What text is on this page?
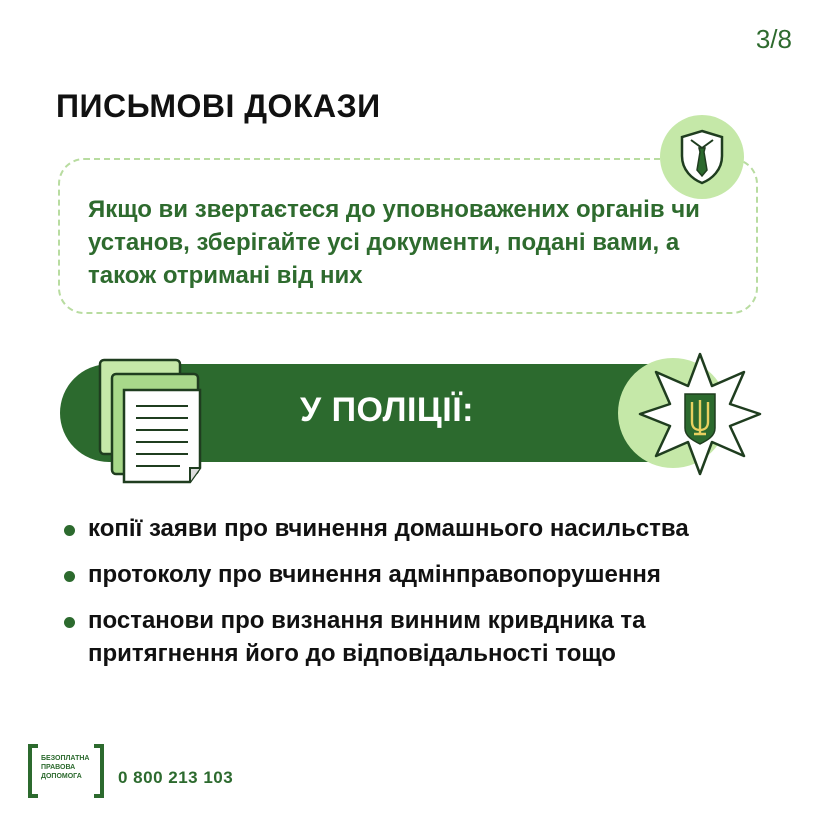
3/8
ПИСЬМОВІ ДОКАЗИ
Якщо ви звертаєтеся до уповноважених органів чи установ, зберігайте усі документи, подані вами, а також отримані від них
У ПОЛІЦІЇ:
копії заяви про вчинення домашнього насильства
протоколу про вчинення адмінправопорушення
постанови про визнання винним кривдника та притягнення його до відповідальності тощо
БЕЗОПЛАТНА
ПРАВОВА
ДОПОМОГА	0 800 213 103
